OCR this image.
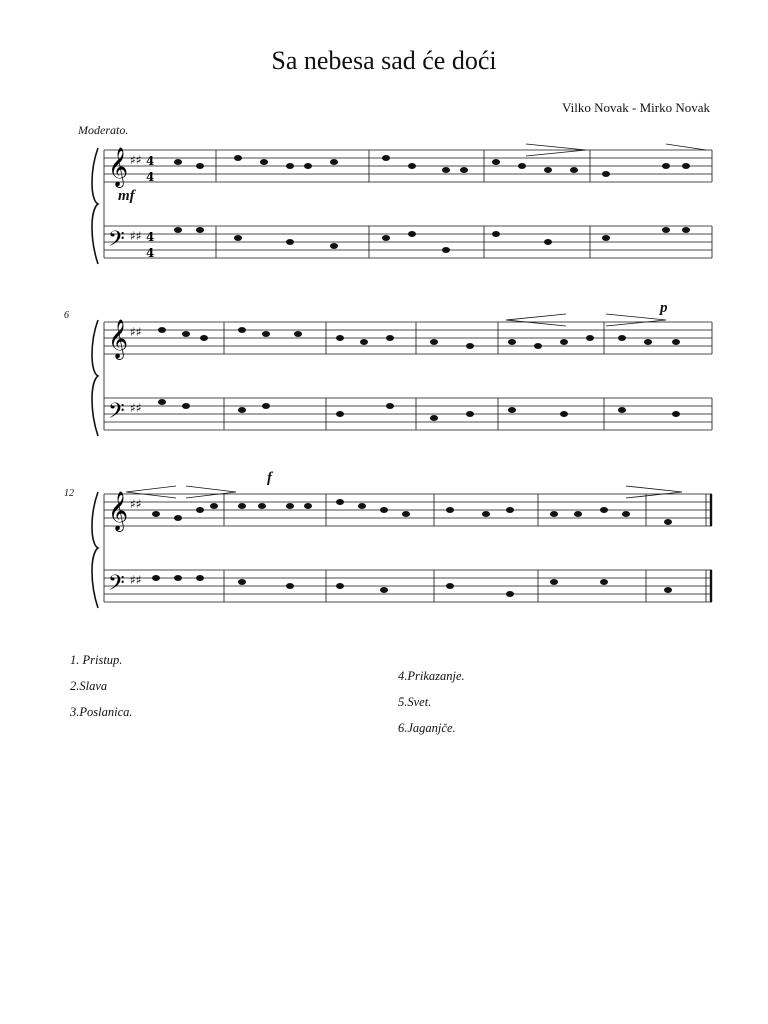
Sa nebesa sad će doći
Vilko Novak - Mirko Novak
Moderato.
mf
p
f
6
12
𝄞
𝄢
♯♯
♯♯
4
4
4
4
𝄞
𝄢
♯♯
♯♯
𝄞
𝄢
♯♯
♯♯
1. Pristup.
2.Slava
3.Poslanica.
4.Prikazanje.
5.Svet.
6.Jaganjče.
